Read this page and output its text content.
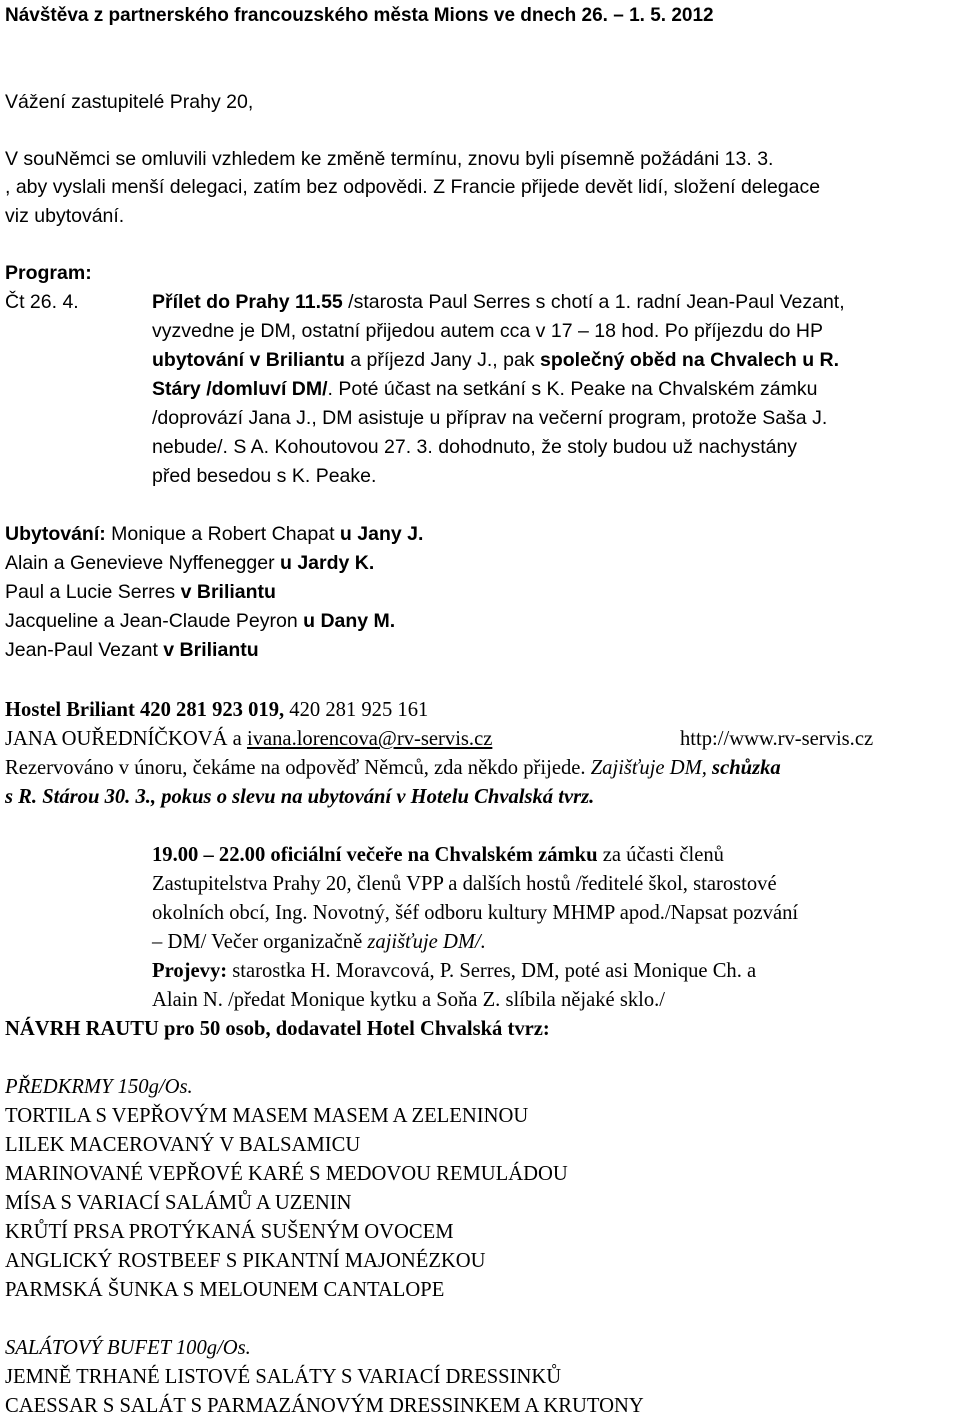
Návštěva z partnerského francouzského města Mions ve dnech 26. – 1. 5. 2012
Vážení zastupitelé Prahy 20,
V souNěmci se omluvili vzhledem ke změně termínu, znovu byli písemně požádáni 13. 3.
, aby vyslali menší delegaci, zatím bez odpovědi. Z Francie přijede devět lidí, složení delegace
viz ubytování.
Program:
Čt 26. 4.	Přílet do Prahy 11.55 /starosta Paul Serres s chotí a 1. radní Jean-Paul Vezant,
vyzvedne je DM, ostatní přijedou autem cca v 17 – 18 hod. Po příjezdu do HP
ubytování v Briliantu a příjezd Jany J., pak společný oběd na Chvalech u R.
Stáry /domluví DM/. Poté účast na setkání s K. Peake na Chvalském zámku
/doprovází Jana J., DM asistuje u příprav na večerní program, protože Saša J.
nebude/. S A. Kohoutovou 27. 3. dohodnuto, že stoly budou už nachystány
před besedou s K. Peake.
Ubytování: Monique a Robert Chapat u Jany J.
Alain a Genevieve Nyffenegger u Jardy K.
Paul a Lucie Serres v Briliantu
Jacqueline a Jean-Claude Peyron u Dany M.
Jean-Paul Vezant v Briliantu
Hostel Briliant 420 281 923 019, 420 281 925 161
JANA OUŘEDNÍČKOVÁ a ivana.lorencova@rv-servis.cz	http://www.rv-servis.cz
Rezervováno v únoru, čekáme na odpověď Němců, zda někdo přijede. Zajišťuje DM, schůzka
s R. Stárou 30. 3., pokus o slevu na ubytování v Hotelu Chvalská tvrz.
19.00 – 22.00 oficiální večeře na Chvalském zámku za účasti členů
Zastupitelstva Prahy 20, členů VPP a dalších hostů /ředitelé škol, starostové
okolních obcí, Ing. Novotný, šéf odboru kultury MHMP apod./Napsat pozvání
– DM/ Večer organizačně zajišťuje DM/.
Projevy: starostka H. Moravcová, P. Serres, DM, poté asi Monique Ch. a
Alain N. /předat Monique kytku a Soňa Z. slíbila nějaké sklo./
NÁVRH RAUTU pro 50 osob, dodavatel Hotel Chvalská tvrz:
PŘEDKRMY 150g/Os.
TORTILA S VEPŘOVÝM MASEM MASEM A ZELENINOU
LILEK MACEROVANÝ V BALSAMICU
MARINOVANÉ VEPŘOVÉ KARÉ S MEDOVOU REMULÁDOU
MÍSA S VARIACÍ SALÁMŮ A UZENIN
KRŮTÍ PRSA PROTÝKANÁ SUŠENÝM OVOCEM
ANGLICKÝ ROSTBEEF S PIKANTNÍ MAJONÉZKOU
PARMSKÁ ŠUNKA S MELOUNEM CANTALOPE
SALÁTOVÝ BUFET 100g/Os.
JEMNĚ TRHANÉ LISTOVÉ SALÁTY S VARIACÍ DRESSINKŮ
CAESSAR S SALÁT S PARMAZÁNOVÝM DRESSINKEM A KRUTONY
